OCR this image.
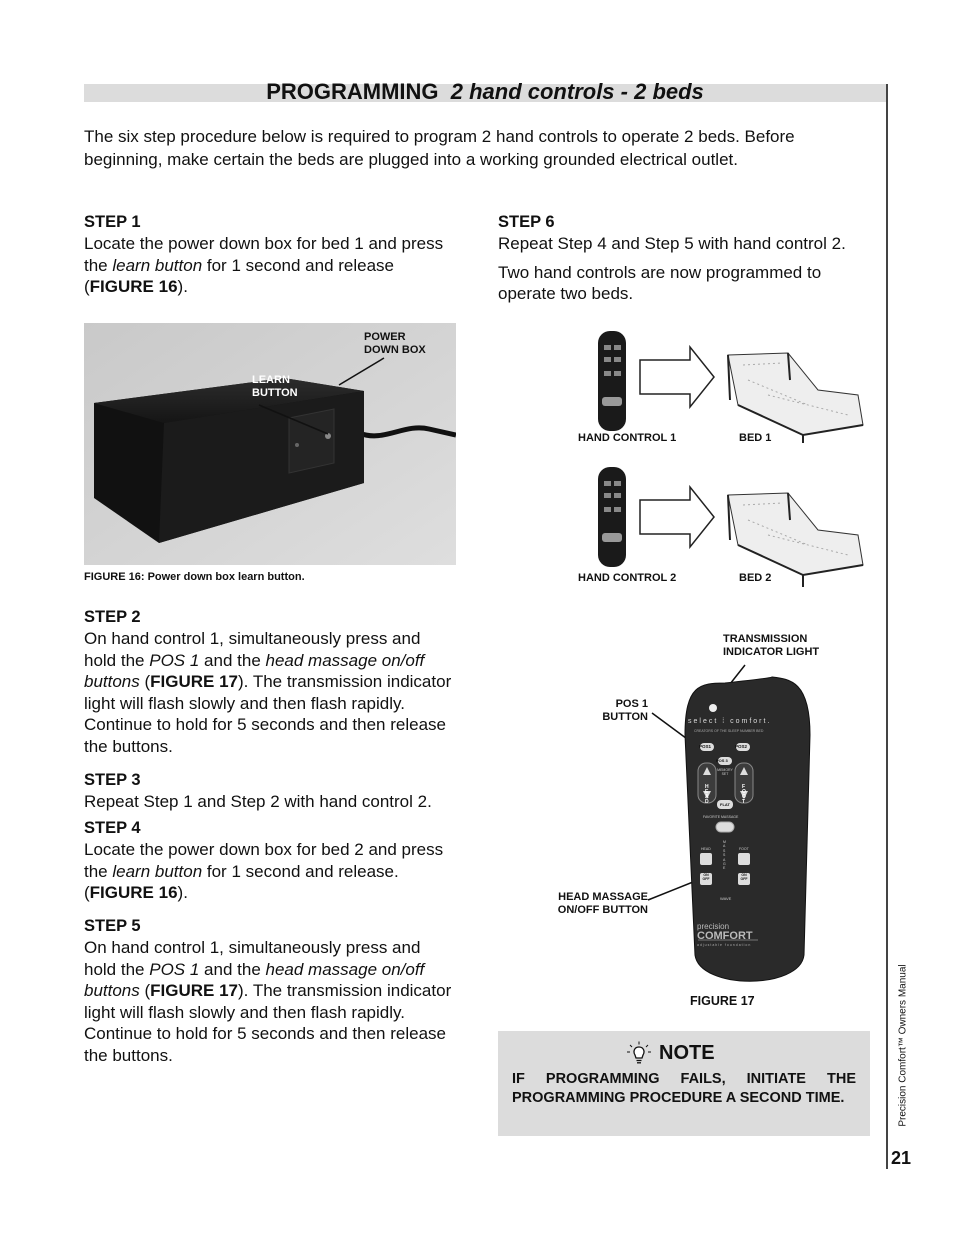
PROGRAMMING 2 hand controls - 2 beds
The six step procedure below is required to program 2 hand controls to operate 2 beds. Before beginning, make certain the beds are plugged into a working grounded electrical outlet.
STEP 1
Locate the power down box for bed 1 and press the learn button for 1 second and release (FIGURE 16).
POWER
DOWN BOX
LEARN
BUTTON
FIGURE 16: Power down box learn button.
STEP 2
On hand control 1, simultaneously press and hold the POS 1 and the head massage on/off buttons (FIGURE 17). The transmission indicator light will flash slowly and then flash rapidly. Continue to hold for 5 seconds and then release the buttons.
STEP 3
Repeat Step 1 and Step 2 with hand control 2.
STEP 4
Locate the power down box for bed 2 and press the learn button for 1 second and release. (FIGURE 16).
STEP 5
On hand control 1, simultaneously press and hold the POS 1 and the head massage on/off buttons (FIGURE 17). The transmission indicator light will flash slowly and then flash rapidly. Continue to hold for 5 seconds and then release the buttons.
STEP 6
Repeat Step 4 and Step 5 with hand control 2.
Two hand controls are now programmed to operate two beds.
HAND CONTROL 1	BED 1
HAND CONTROL 2	BED 2
select ⁞ comfort.
CREATORS OF THE SLEEP NUMBER BED
POS1	POS2
POS 3
MEMORY SET
HEAD
FOOT
FLAT
FAVORITE MASSAGE
MASSAGE
HEAD	FOOT
ON OFF
ON OFF
WAVE
precision
COMFORT
adjustable foundation
TRANSMISSION
INDICATOR LIGHT
POS 1
BUTTON
HEAD MASSAGE
ON/OFF BUTTON
FIGURE 17
NOTE
IF PROGRAMMING FAILS, INITIATE THE PROGRAMMING PROCEDURE A SECOND TIME.	Precision Comfort™ Owners Manual
21
